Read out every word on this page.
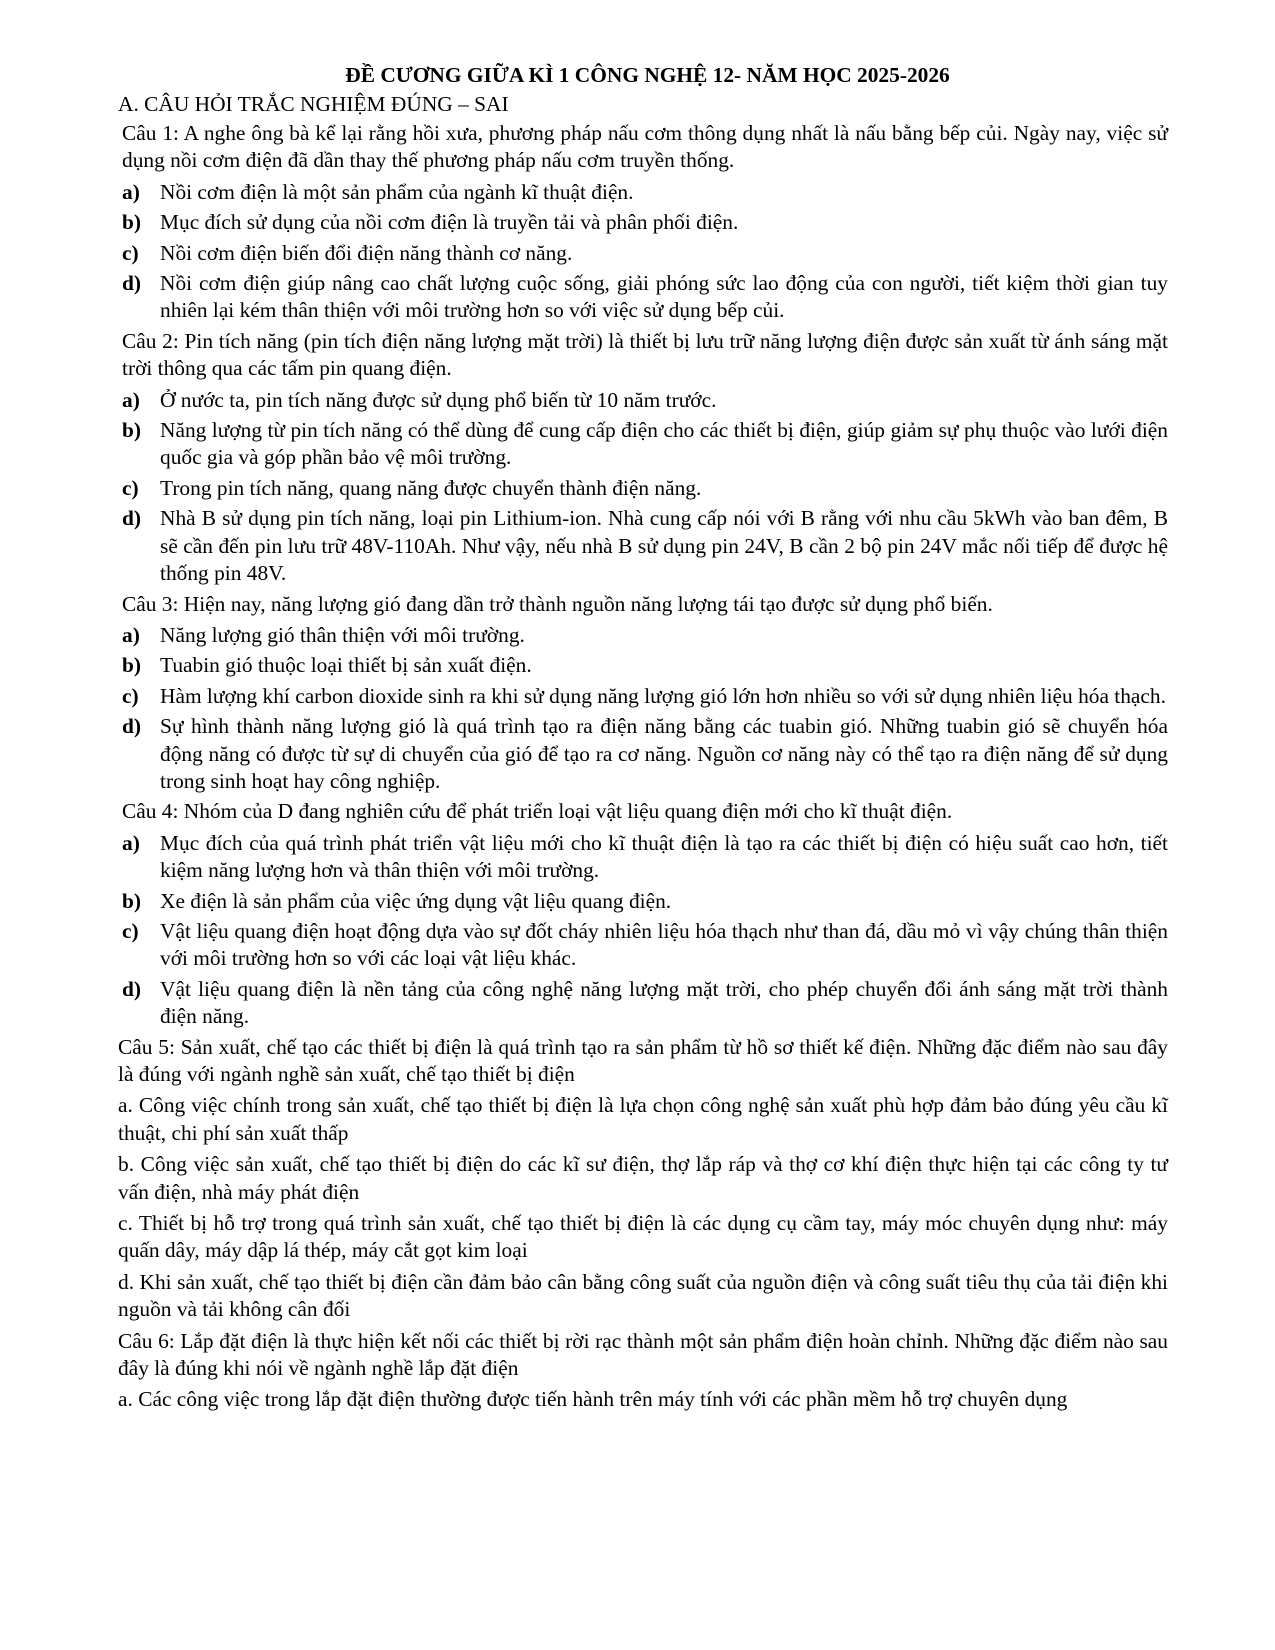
ĐỀ CƯƠNG GIỮA KÌ 1 CÔNG NGHỆ 12- NĂM HỌC 2025-2026
A. CÂU HỎI TRẮC NGHIỆM ĐÚNG – SAI
Câu 1: A nghe ông bà kể lại rằng hồi xưa, phương pháp nấu cơm thông dụng nhất là nấu bằng bếp củi. Ngày nay, việc sử dụng nồi cơm điện đã dần thay thế phương pháp nấu cơm truyền thống.
a) Nồi cơm điện là một sản phẩm của ngành kĩ thuật điện.
b) Mục đích sử dụng của nồi cơm điện là truyền tải và phân phối điện.
c) Nồi cơm điện biến đổi điện năng thành cơ năng.
d) Nồi cơm điện giúp nâng cao chất lượng cuộc sống, giải phóng sức lao động của con người, tiết kiệm thời gian tuy nhiên lại kém thân thiện với môi trường hơn so với việc sử dụng bếp củi.
Câu 2: Pin tích năng (pin tích điện năng lượng mặt trời) là thiết bị lưu trữ năng lượng điện được sản xuất từ ánh sáng mặt trời thông qua các tấm pin quang điện.
a) Ở nước ta, pin tích năng được sử dụng phổ biến từ 10 năm trước.
b) Năng lượng từ pin tích năng có thể dùng để cung cấp điện cho các thiết bị điện, giúp giảm sự phụ thuộc vào lưới điện quốc gia và góp phần bảo vệ môi trường.
c) Trong pin tích năng, quang năng được chuyển thành điện năng.
d) Nhà B sử dụng pin tích năng, loại pin Lithium-ion. Nhà cung cấp nói với B rằng với nhu cầu 5kWh vào ban đêm, B sẽ cần đến pin lưu trữ 48V-110Ah. Như vậy, nếu nhà B sử dụng pin 24V, B cần 2 bộ pin 24V mắc nối tiếp để được hệ thống pin 48V.
Câu 3: Hiện nay, năng lượng gió đang dần trở thành nguồn năng lượng tái tạo được sử dụng phổ biến.
a) Năng lượng gió thân thiện với môi trường.
b) Tuabin gió thuộc loại thiết bị sản xuất điện.
c) Hàm lượng khí carbon dioxide sinh ra khi sử dụng năng lượng gió lớn hơn nhiều so với sử dụng nhiên liệu hóa thạch.
d) Sự hình thành năng lượng gió là quá trình tạo ra điện năng bằng các tuabin gió. Những tuabin gió sẽ chuyển hóa động năng có được từ sự di chuyển của gió để tạo ra cơ năng. Nguồn cơ năng này có thể tạo ra điện năng để sử dụng trong sinh hoạt hay công nghiệp.
Câu 4: Nhóm của D đang nghiên cứu để phát triển loại vật liệu quang điện mới cho kĩ thuật điện.
a) Mục đích của quá trình phát triển vật liệu mới cho kĩ thuật điện là tạo ra các thiết bị điện có hiệu suất cao hơn, tiết kiệm năng lượng hơn và thân thiện với môi trường.
b) Xe điện là sản phẩm của việc ứng dụng vật liệu quang điện.
c) Vật liệu quang điện hoạt động dựa vào sự đốt cháy nhiên liệu hóa thạch như than đá, dầu mỏ vì vậy chúng thân thiện với môi trường hơn so với các loại vật liệu khác.
d) Vật liệu quang điện là nền tảng của công nghệ năng lượng mặt trời, cho phép chuyển đổi ánh sáng mặt trời thành điện năng.
Câu 5: Sản xuất, chế tạo các thiết bị điện là quá trình tạo ra sản phẩm từ hồ sơ thiết kế điện. Những đặc điểm nào sau đây là đúng với ngành nghề sản xuất, chế tạo thiết bị điện
a. Công việc chính trong sản xuất, chế tạo thiết bị điện là lựa chọn công nghệ sản xuất phù hợp đảm bảo đúng yêu cầu kĩ thuật, chi phí sản xuất thấp
b. Công việc sản xuất, chế tạo thiết bị điện do các kĩ sư điện, thợ lắp ráp và thợ cơ khí điện thực hiện tại các công ty tư vấn điện, nhà máy phát điện
c. Thiết bị hỗ trợ trong quá trình sản xuất, chế tạo thiết bị điện là các dụng cụ cầm tay, máy móc chuyên dụng như: máy quấn dây, máy dập lá thép, máy cắt gọt kim loại
d. Khi sản xuất, chế tạo thiết bị điện cần đảm bảo cân bằng công suất của nguồn điện và công suất tiêu thụ của tải điện khi nguồn và tải không cân đối
Câu 6: Lắp đặt điện là thực hiện kết nối các thiết bị rời rạc thành một sản phẩm điện hoàn chỉnh. Những đặc điểm nào sau đây là đúng khi nói về ngành nghề lắp đặt điện
a. Các công việc trong lắp đặt điện thường được tiến hành trên máy tính với các phần mềm hỗ trợ chuyên dụng
